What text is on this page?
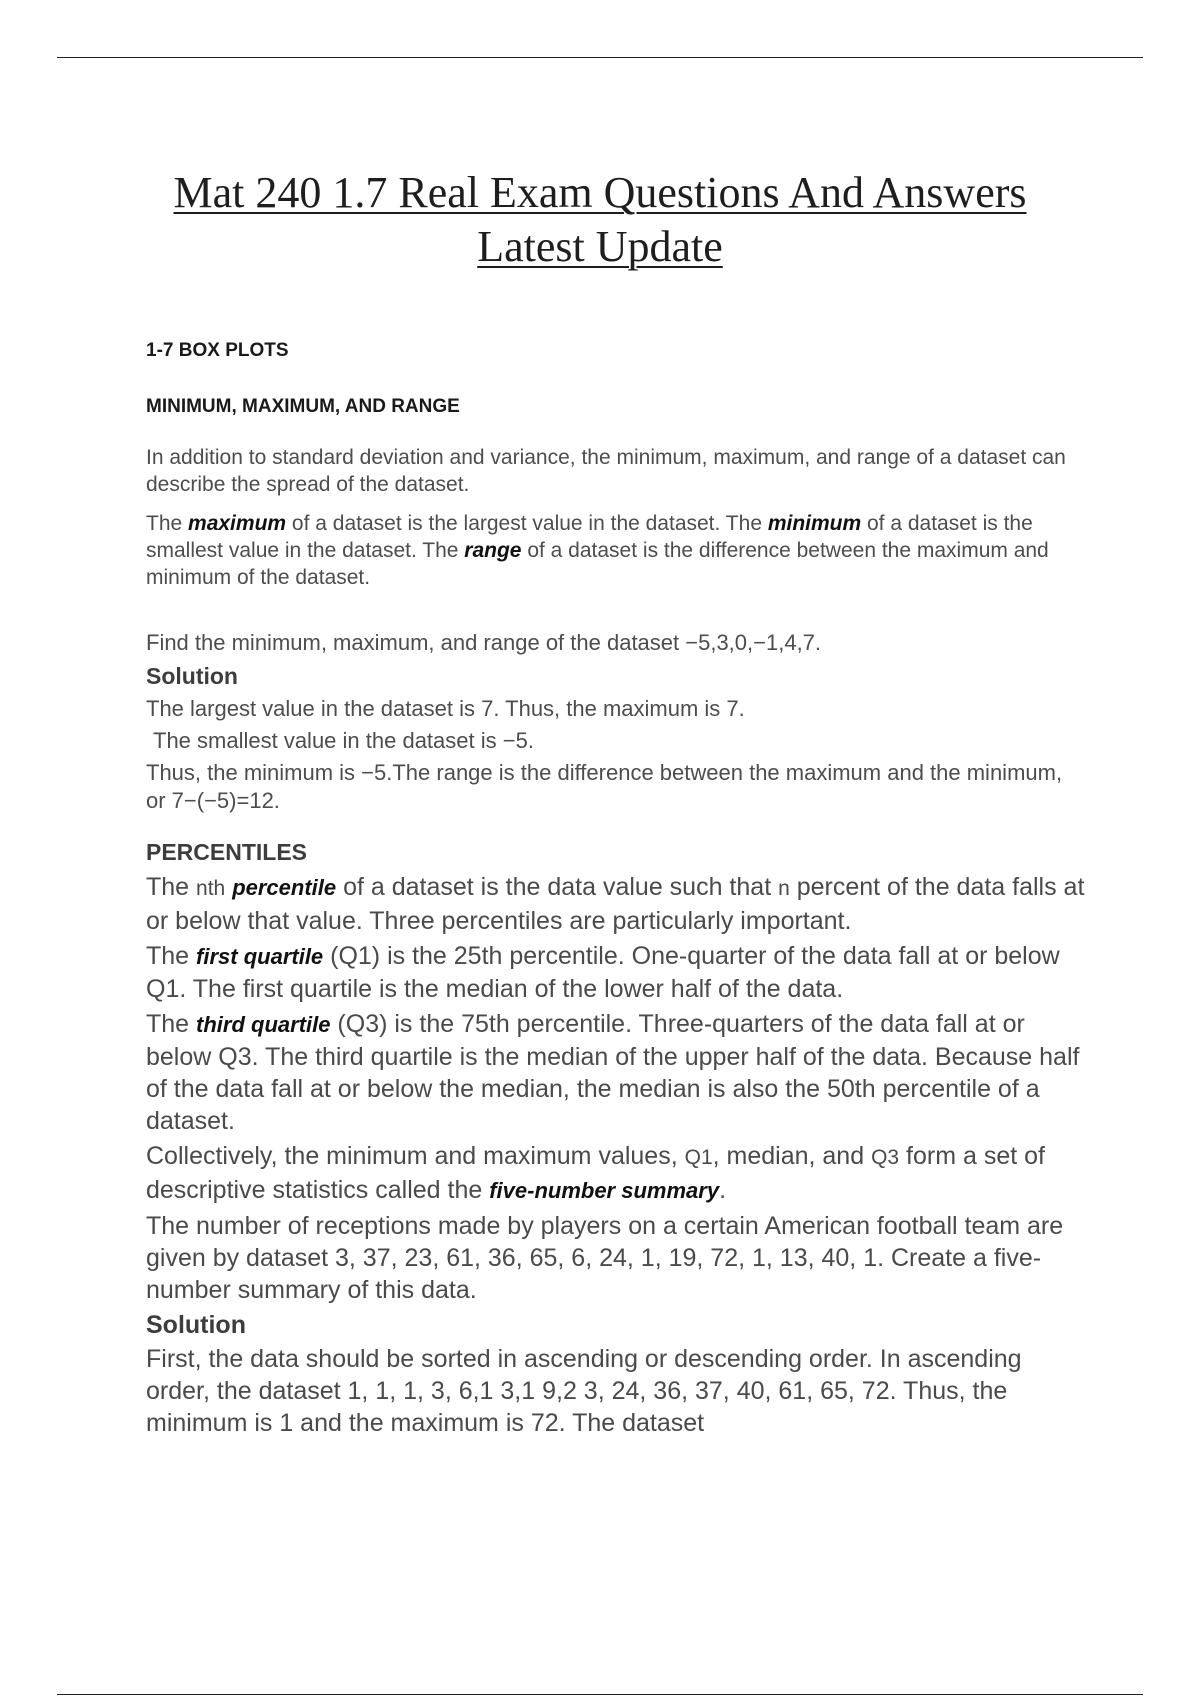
Mat 240 1.7 Real Exam Questions And Answers
Latest Update

1-7 BOX PLOTS

MINIMUM, MAXIMUM, AND RANGE

In addition to standard deviation and variance, the minimum, maximum, and range of a dataset can describe the spread of the dataset.

The maximum of a dataset is the largest value in the dataset. The minimum of a dataset is the smallest value in the dataset. The range of a dataset is the difference between the maximum and minimum of the dataset.

Find the minimum, maximum, and range of the dataset −5,3,0,−1,4,7.

Solution

The largest value in the dataset is 7. Thus, the maximum is 7.

The smallest value in the dataset is −5.

Thus, the minimum is −5.The range is the difference between the maximum and the minimum, or 7−(−5)=12.

PERCENTILES

The nth percentile of a dataset is the data value such that n percent of the data falls at or below that value. Three percentiles are particularly important.

The first quartile (Q1) is the 25th percentile. One-quarter of the data fall at or below Q1. The first quartile is the median of the lower half of the data.

The third quartile (Q3) is the 75th percentile. Three-quarters of the data fall at or below Q3. The third quartile is the median of the upper half of the data. Because half of the data fall at or below the median, the median is also the 50th percentile of a dataset.

Collectively, the minimum and maximum values, Q1, median, and Q3 form a set of descriptive statistics called the five-number summary.

The number of receptions made by players on a certain American football team are given by dataset 3, 37, 23, 61, 36, 65, 6, 24, 1, 19, 72, 1, 13, 40, 1. Create a five-number summary of this data.

Solution

First, the data should be sorted in ascending or descending order. In ascending order, the dataset 1, 1, 1, 3, 6,1 3,1 9,2 3, 24, 36, 37, 40, 61, 65, 72. Thus, the minimum is 1 and the maximum is 72. The dataset
